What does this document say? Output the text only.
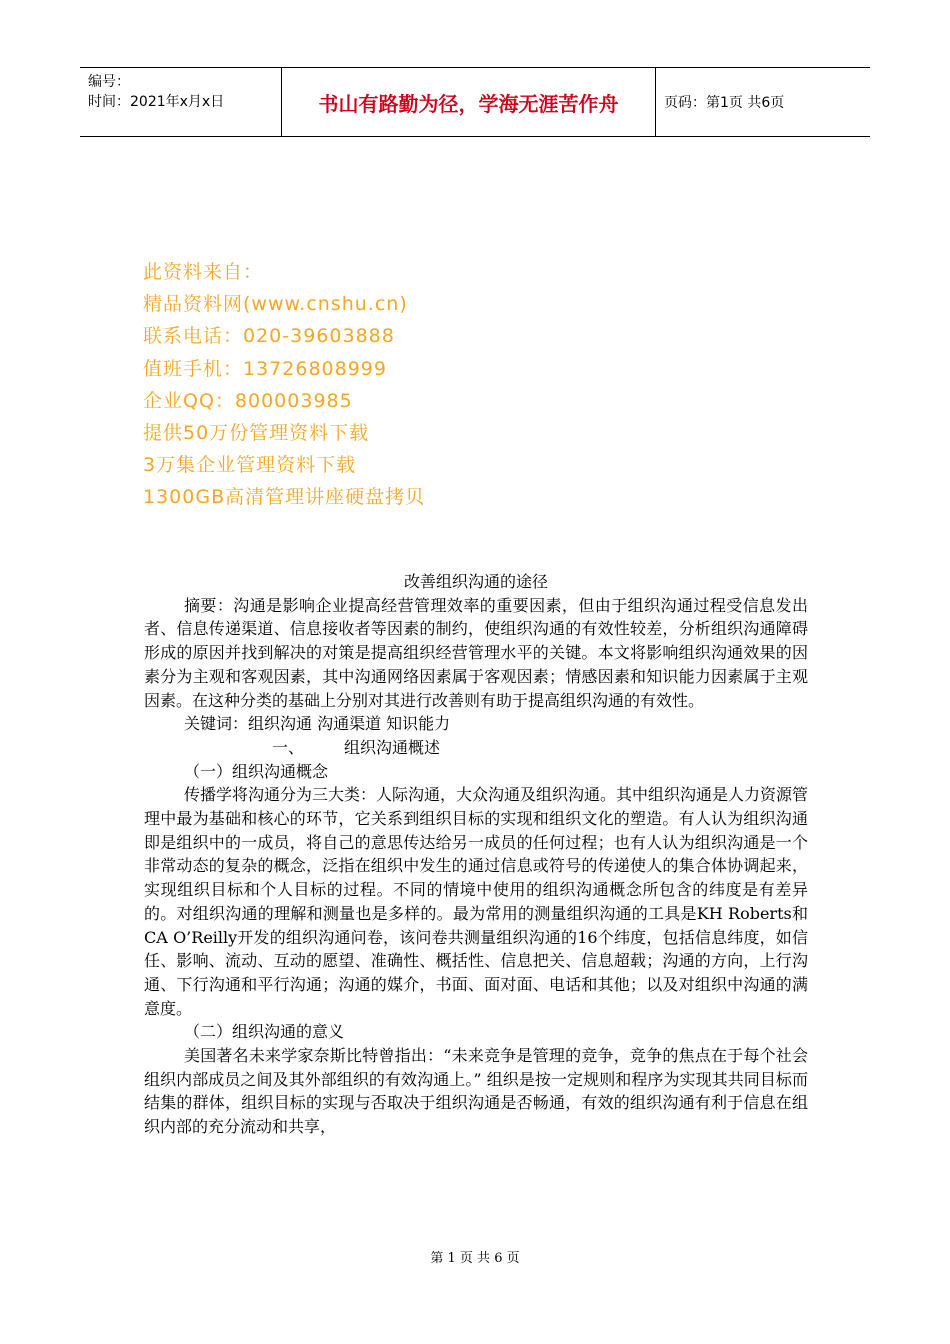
编号：
时间：2021年x月x日	书山有路勤为径，学海无涯苦作舟	页码：第1页 共6页
此资料来自：
精品资料网(www.cnshu.cn)
联系电话：020-39603888
值班手机：13726808999
企业QQ：800003985
提供50万份管理资料下载
3万集企业管理资料下载
1300GB高清管理讲座硬盘拷贝
改善组织沟通的途径
摘要：沟通是影响企业提高经营管理效率的重要因素，但由于组织沟通过程受信息发出者、信息传递渠道、信息接收者等因素的制约，使组织沟通的有效性较差，分析组织沟通障碍形成的原因并找到解决的对策是提高组织经营管理水平的关键。本文将影响组织沟通效果的因素分为主观和客观因素，其中沟通网络因素属于客观因素；情感因素和知识能力因素属于主观因素。在这种分类的基础上分别对其进行改善则有助于提高组织沟通的有效性。
关键词：组织沟通 沟通渠道 知识能力
一、 组织沟通概述
（一）组织沟通概念
传播学将沟通分为三大类：人际沟通，大众沟通及组织沟通。其中组织沟通是人力资源管理中最为基础和核心的环节，它关系到组织目标的实现和组织文化的塑造。有人认为组织沟通即是组织中的一成员，将自己的意思传达给另一成员的任何过程；也有人认为组织沟通是一个非常动态的复杂的概念，泛指在组织中发生的通过信息或符号的传递使人的集合体协调起来，实现组织目标和个人目标的过程。不同的情境中使用的组织沟通概念所包含的纬度是有差异的。对组织沟通的理解和测量也是多样的。最为常用的测量组织沟通的工具是KH Roberts和 CA O’Reilly开发的组织沟通问卷，该问卷共测量组织沟通的16个纬度，包括信息纬度，如信任、影响、流动、互动的愿望、准确性、概括性、信息把关、信息超载；沟通的方向，上行沟通、下行沟通和平行沟通；沟通的媒介，书面、面对面、电话和其他；以及对组织中沟通的满意度。
（二）组织沟通的意义
美国著名未来学家奈斯比特曾指出：“未来竞争是管理的竞争，竞争的焦点在于每个社会组织内部成员之间及其外部组织的有效沟通上。” 组织是按一定规则和程序为实现其共同目标而结集的群体，组织目标的实现与否取决于组织沟通是否畅通，有效的组织沟通有利于信息在组织内部的充分流动和共享，
第 1 页 共 6 页
